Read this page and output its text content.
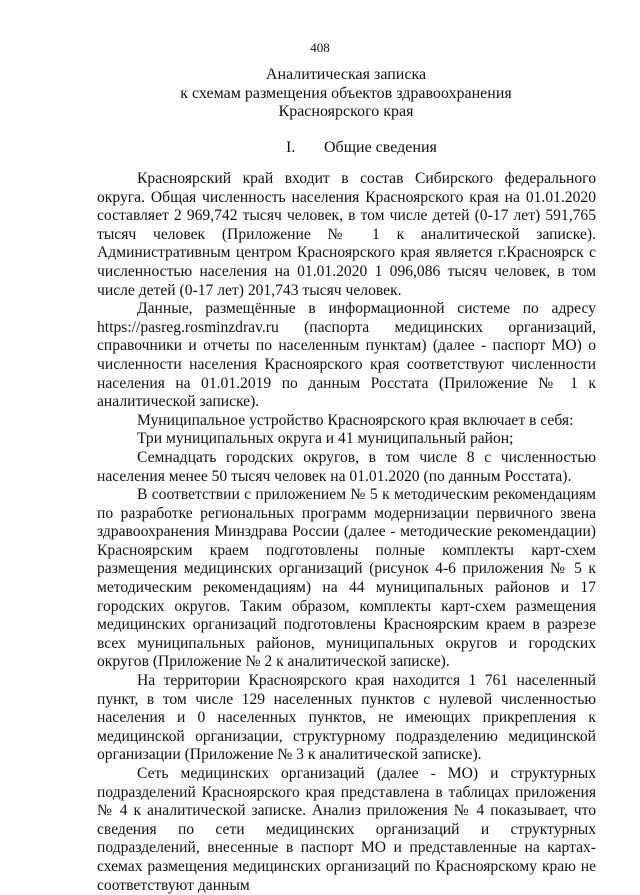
408
Аналитическая записка
к схемам размещения объектов здравоохранения
Красноярского края
I. Общие сведения

Красноярский край входит в состав Сибирского федерального округа. Общая численность населения Красноярского края на 01.01.2020 составляет 2 969,742 тысяч человек, в том числе детей (0-17 лет) 591,765 тысяч человек (Приложение № 1 к аналитической записке). Административным центром Красноярского края является г.Красноярск с численностью населения на 01.01.2020 1 096,086 тысяч человек, в том числе детей (0-17 лет) 201,743 тысяч человек.

Данные, размещённые в информационной системе по адресу https://pasreg.rosminzdrav.ru (паспорта медицинских организаций, справочники и отчеты по населенным пунктам) (далее - паспорт МО) о численности населения Красноярского края соответствуют численности населения на 01.01.2019 по данным Росстата (Приложение № 1 к аналитической записке).

Муниципальное устройство Красноярского края включает в себя:

Три муниципальных округа и 41 муниципальный район;

Семнадцать городских округов, в том числе 8 с численностью населения менее 50 тысяч человек на 01.01.2020 (по данным Росстата).

В соответствии с приложением № 5 к методическим рекомендациям по разработке региональных программ модернизации первичного звена здравоохранения Минздрава России (далее - методические рекомендации) Красноярским краем подготовлены полные комплекты карт-схем размещения медицинских организаций (рисунок 4-6 приложения № 5 к методическим рекомендациям) на 44 муниципальных районов и 17 городских округов. Таким образом, комплекты карт-схем размещения медицинских организаций подготовлены Красноярским краем в разрезе всех муниципальных районов, муниципальных округов и городских округов (Приложение № 2 к аналитической записке).

На территории Красноярского края находится 1 761 населенный пункт, в том числе 129 населенных пунктов с нулевой численностью населения и 0 населенных пунктов, не имеющих прикрепления к медицинской организации, структурному подразделению медицинской организации (Приложение № 3 к аналитической записке).

Сеть медицинских организаций (далее - МО) и структурных подразделений Красноярского края представлена в таблицах приложения № 4 к аналитической записке. Анализ приложения № 4 показывает, что сведения по сети медицинских организаций и структурных подразделений, внесенные в паспорт МО и представленные на картах-схемах размещения медицинских организаций по Красноярскому краю не соответствуют данным
